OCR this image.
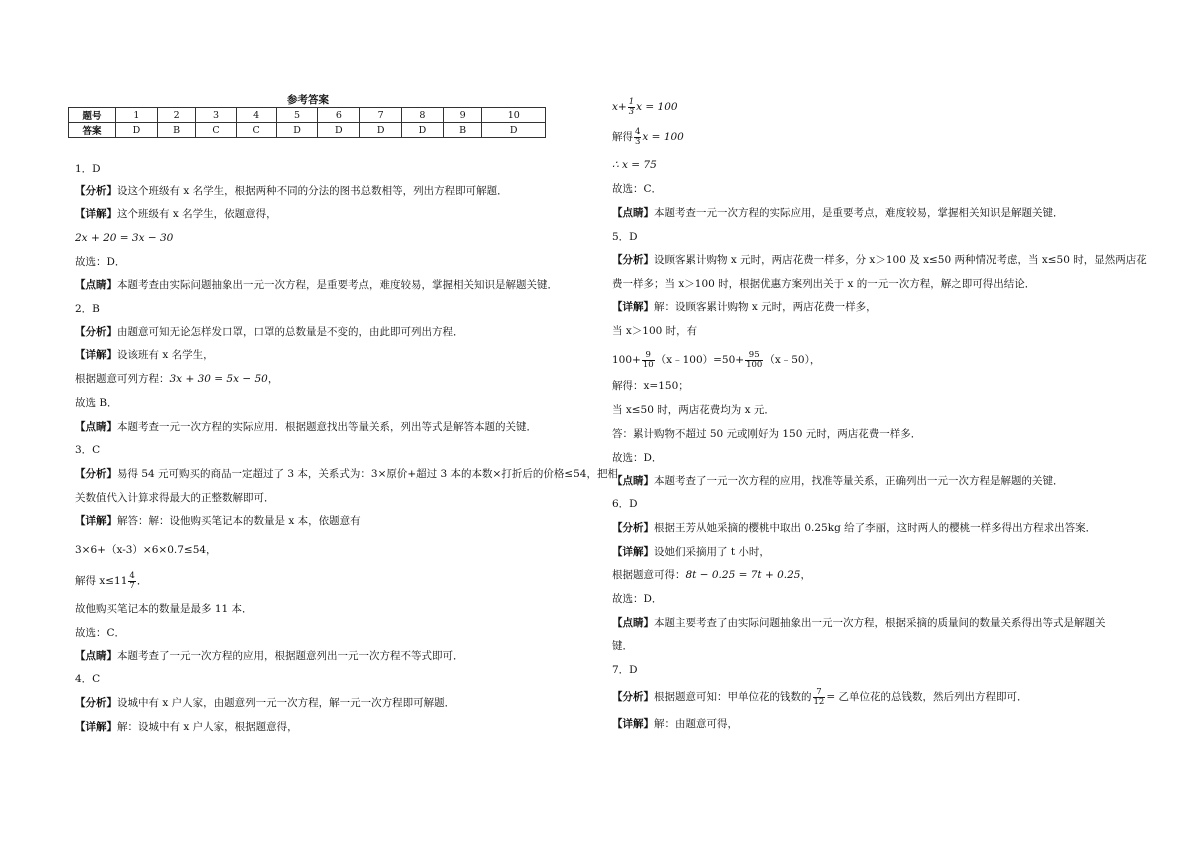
参考答案
题号	1	2	3	4	5	6	7	8	9	10
答案	D	B	C	C	D	D	D	D	B	D
1．D
【分析】设这个班级有 x 名学生，根据两种不同的分法的图书总数相等，列出方程即可解题．
【详解】这个班级有 x 名学生，依题意得，
2x + 20 = 3x − 30
故选：D．
【点睛】本题考查由实际问题抽象出一元一次方程，是重要考点，难度较易，掌握相关知识是解题关键．
2．B
【分析】由题意可知无论怎样发口罩，口罩的总数量是不变的，由此即可列出方程．
【详解】设该班有 x 名学生，
根据题意可列方程：3x + 30 = 5x − 50，
故选 B．
【点睛】本题考查一元一次方程的实际应用．根据题意找出等量关系，列出等式是解答本题的关键．
3．C
【分析】易得 54 元可购买的商品一定超过了 3 本，关系式为：3×原价+超过 3 本的本数×打折后的价格≤54，把相
关数值代入计算求得最大的正整数解即可．
【详解】解答：解：设他购买笔记本的数量是 x 本，依题意有
3×6+（x-3）×6×0.7≤54，
解得 $x\le 11 \frac{4}{7}$ ．
故他购买笔记本的数量是最多 11 本．
故选：C．
【点睛】本题考查了一元一次方程的应用，根据题意列出一元一次方程不等式即可．
4．C
【分析】设城中有 x 户人家，由题意列一元一次方程，解一元一次方程即可解题．
【详解】解：设城中有 x 户人家，根据题意得，
$x+ \frac{1}{3}$ x = 100
解得 $\frac{4}{3}$ x = 100
∴ x = 75
故选：C．
【点睛】本题考查一元一次方程的实际应用，是重要考点，难度较易，掌握相关知识是解题关键．
5．D
【分析】设顾客累计购物 x 元时，两店花费一样多，分 x＞100 及 x≤50 两种情况考虑，当 x≤50 时，显然两店花
费一样多；当 x＞100 时，根据优惠方案列出关于 x 的一元一次方程，解之即可得出结论．
【详解】解：设顾客累计购物 x 元时，两店花费一样多，
当 x＞100 时，有
$100+ \frac{9}{10}$ （x﹣100）=50+ $\frac{95}{100}$ （x﹣50），
解得：x=150；
当 x≤50 时，两店花费均为 x 元．
答：累计购物不超过 50 元或刚好为 150 元时，两店花费一样多．
故选：D．
【点睛】本题考查了一元一次方程的应用，找准等量关系，正确列出一元一次方程是解题的关键．
6．D
【分析】根据王芳从她采摘的樱桃中取出 0.25kg 给了李丽，这时两人的樱桃一样多得出方程求出答案．
【详解】设她们采摘用了 t 小时，
根据题意可得：8t − 0.25 = 7t + 0.25，
故选：D．
【点睛】本题主要考查了由实际问题抽象出一元一次方程，根据采摘的质量间的数量关系得出等式是解题关
键．
7．D
【分析】根据题意可知：甲单位花的钱数的 $\frac{7}{12}$ = 乙单位花的总钱数，然后列出方程即可．
【详解】解：由题意可得，
